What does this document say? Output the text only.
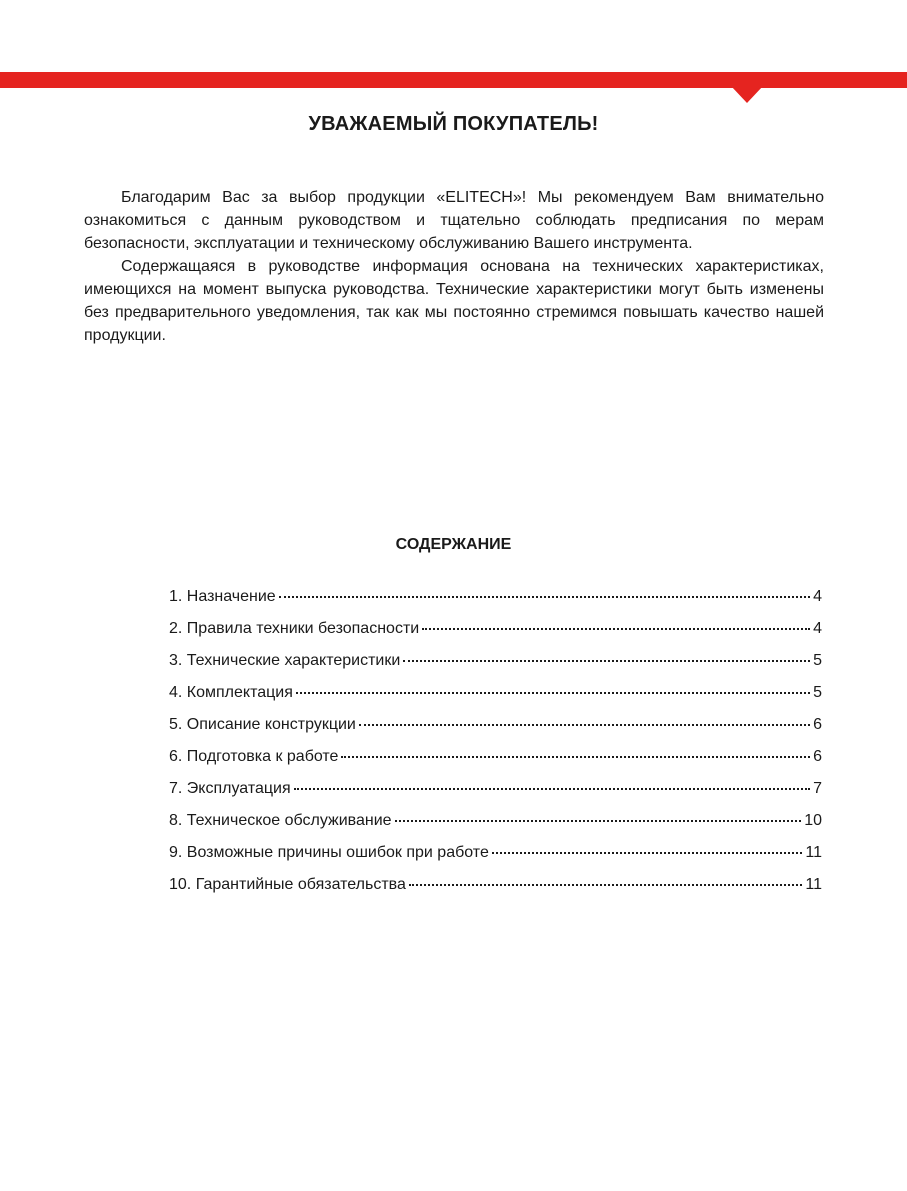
УВАЖАЕМЫЙ ПОКУПАТЕЛЬ!

Благодарим Вас за выбор продукции «ELITECH»! Мы рекомендуем Вам внимательно ознакомиться с данным руководством и тщательно соблюдать предписания по мерам безопасности, эксплуатации и техническому обслуживанию Вашего инструмента.

Содержащаяся в руководстве информация основана на технических характеристиках, имеющихся на момент выпуска руководства. Технические характеристики могут быть изменены без предварительного уведомления, так как мы постоянно стремимся повышать качество нашей продукции.

СОДЕРЖАНИЕ
1. Назначение	4
2. Правила техники безопасности	4
3. Технические характеристики	5
4. Комплектация	5
5. Описание конструкции	6
6. Подготовка к работе	6
7. Эксплуатация	7
8. Техническое обслуживание	10
9. Возможные причины ошибок при работе	11
10. Гарантийные обязательства	11
